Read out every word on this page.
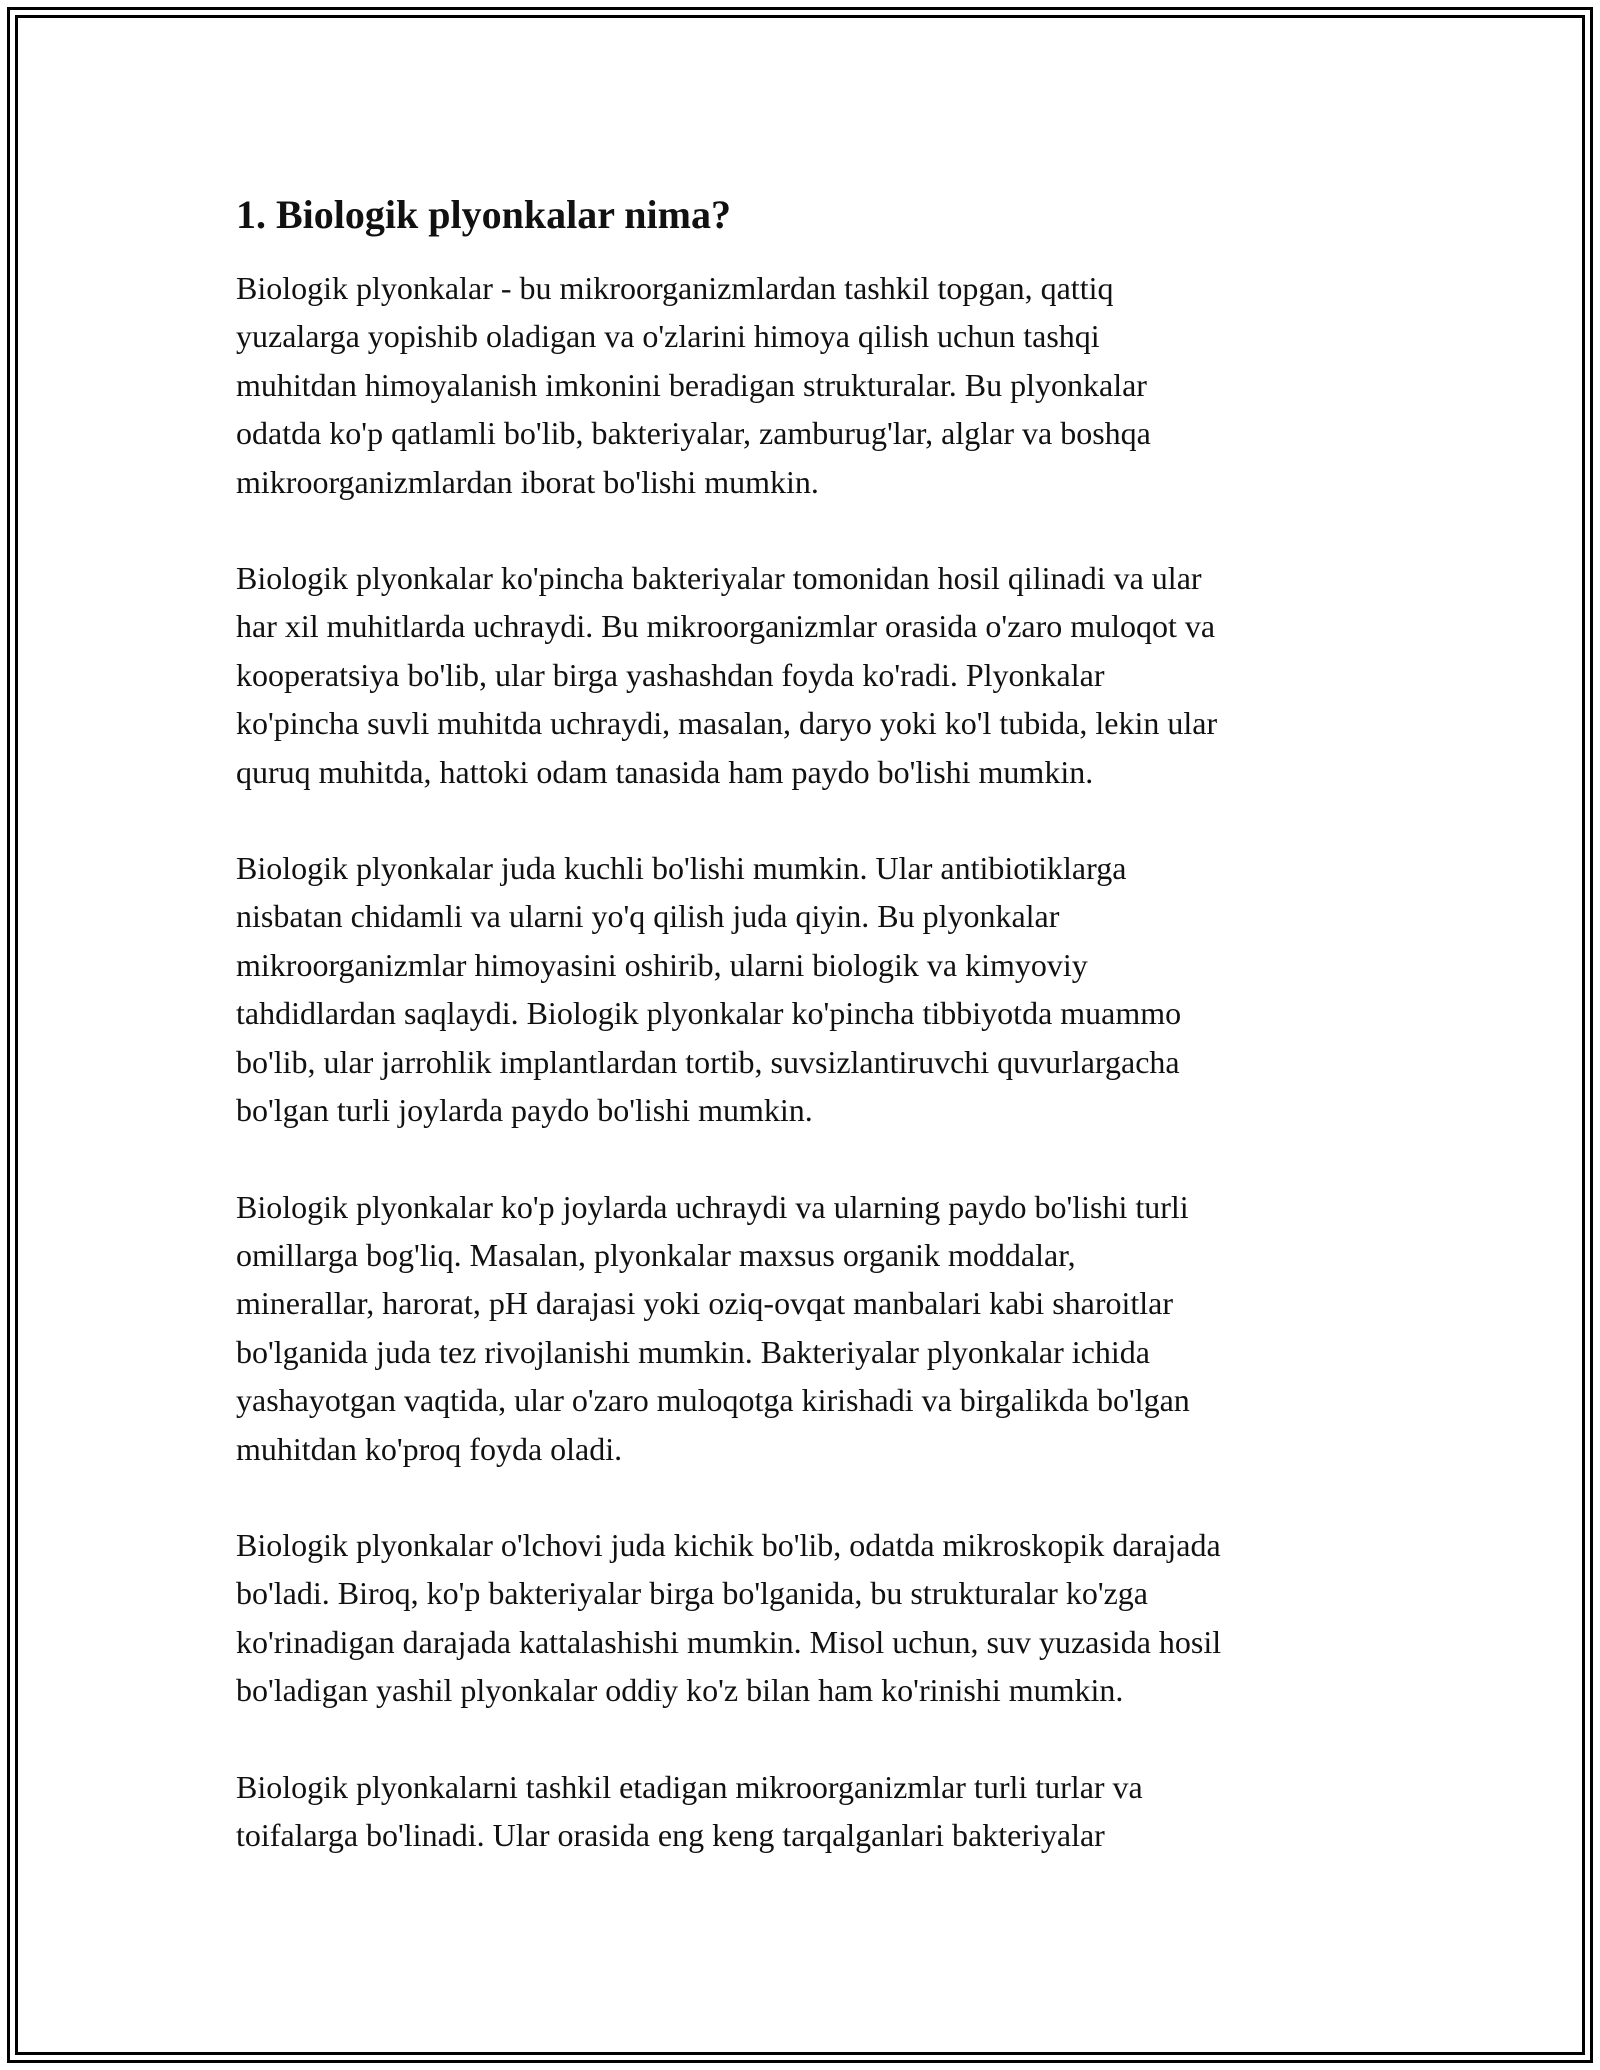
1. Biologik plyonkalar nima?

Biologik plyonkalar - bu mikroorganizmlardan tashkil topgan, qattiq
yuzalarga yopishib oladigan va o'zlarini himoya qilish uchun tashqi
muhitdan himoyalanish imkonini beradigan strukturalar. Bu plyonkalar
odatda ko'p qatlamli bo'lib, bakteriyalar, zamburug'lar, alglar va boshqa
mikroorganizmlardan iborat bo'lishi mumkin.

Biologik plyonkalar ko'pincha bakteriyalar tomonidan hosil qilinadi va ular
har xil muhitlarda uchraydi. Bu mikroorganizmlar orasida o'zaro muloqot va
kooperatsiya bo'lib, ular birga yashashdan foyda ko'radi. Plyonkalar
ko'pincha suvli muhitda uchraydi, masalan, daryo yoki ko'l tubida, lekin ular
quruq muhitda, hattoki odam tanasida ham paydo bo'lishi mumkin.

Biologik plyonkalar juda kuchli bo'lishi mumkin. Ular antibiotiklarga
nisbatan chidamli va ularni yo'q qilish juda qiyin. Bu plyonkalar
mikroorganizmlar himoyasini oshirib, ularni biologik va kimyoviy
tahdidlardan saqlaydi. Biologik plyonkalar ko'pincha tibbiyotda muammo
bo'lib, ular jarrohlik implantlardan tortib, suvsizlantiruvchi quvurlargacha
bo'lgan turli joylarda paydo bo'lishi mumkin.

Biologik plyonkalar ko'p joylarda uchraydi va ularning paydo bo'lishi turli
omillarga bog'liq. Masalan, plyonkalar maxsus organik moddalar,
minerallar, harorat, pH darajasi yoki oziq-ovqat manbalari kabi sharoitlar
bo'lganida juda tez rivojlanishi mumkin. Bakteriyalar plyonkalar ichida
yashayotgan vaqtida, ular o'zaro muloqotga kirishadi va birgalikda bo'lgan
muhitdan ko'proq foyda oladi.

Biologik plyonkalar o'lchovi juda kichik bo'lib, odatda mikroskopik darajada
bo'ladi. Biroq, ko'p bakteriyalar birga bo'lganida, bu strukturalar ko'zga
ko'rinadigan darajada kattalashishi mumkin. Misol uchun, suv yuzasida hosil
bo'ladigan yashil plyonkalar oddiy ko'z bilan ham ko'rinishi mumkin.

Biologik plyonkalarni tashkil etadigan mikroorganizmlar turli turlar va
toifalarga bo'linadi. Ular orasida eng keng tarqalganlari bakteriyalar
